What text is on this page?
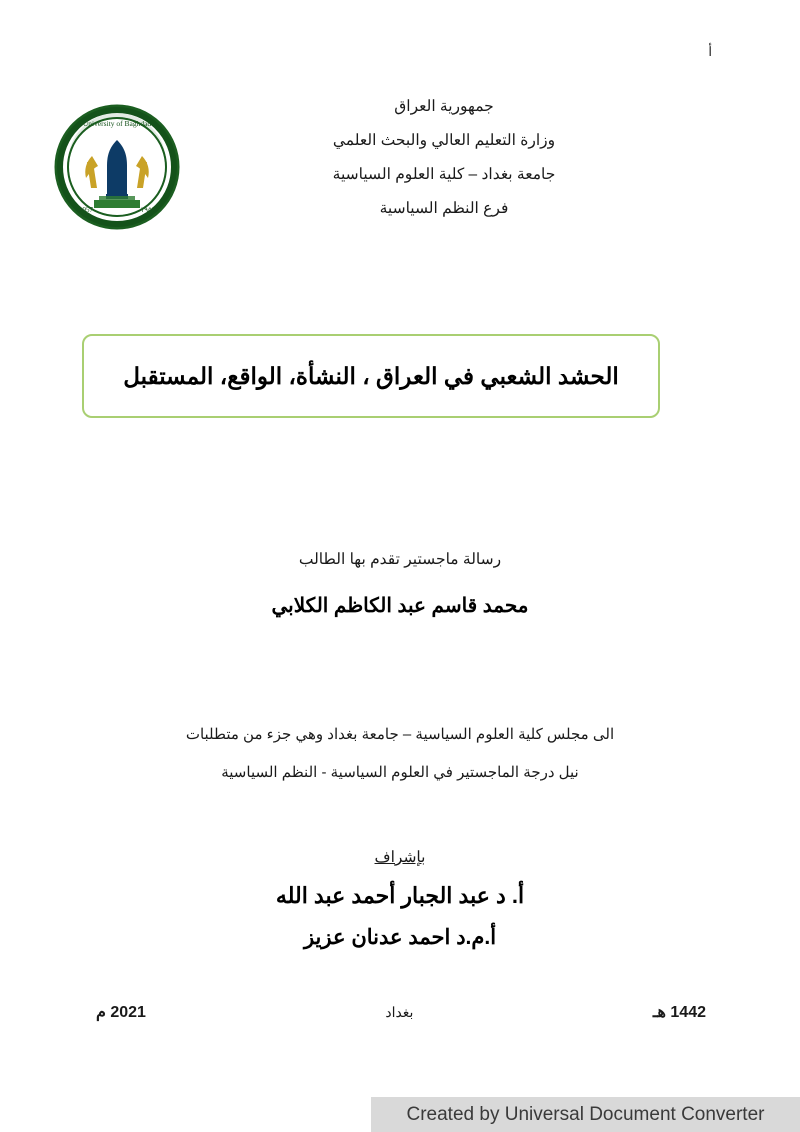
أ
University of Baghdad
1957	١٩٥٧
جمهورية العراق
وزارة التعليم العالي والبحث العلمي
جامعة بغداد – كلية العلوم السياسية
فرع النظم السياسية
الحشد الشعبي في العراق ، النشأة، الواقع، المستقبل
رسالة ماجستير تقدم بها الطالب
محمد قاسم عبد الكاظم الكلابي
الى مجلس كلية العلوم السياسية – جامعة بغداد وهي جزء من متطلبات
نيل درجة الماجستير في العلوم السياسية - النظم السياسية
بإشراف
أ. د عبد الجبار أحمد عبد الله
أ.م.د احمد عدنان عزيز
1442 هـ
بغداد
2021 م
Created by Universal Document Converter
